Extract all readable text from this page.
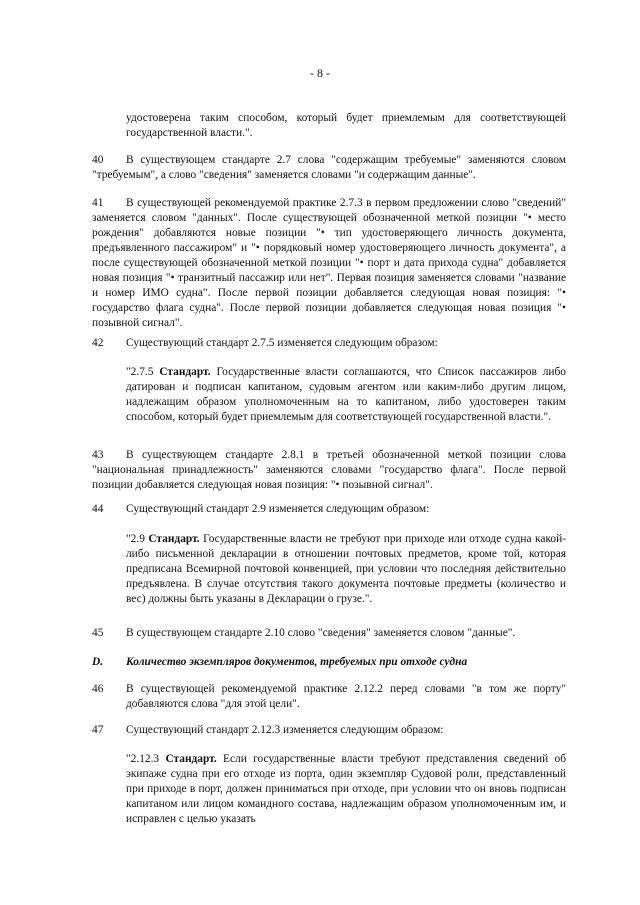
- 8 -
удостоверена таким способом, который будет приемлемым для соответствующей государственной власти.".
40	В существующем стандарте 2.7 слова "содержащим требуемые" заменяются словом "требуемым", а слово "сведения" заменяется словами "и содержащим данные".
41	В существующей рекомендуемой практике 2.7.3 в первом предложении слово "сведений" заменяется словом "данных". После существующей обозначенной меткой позиции "• место рождения" добавляются новые позиции "• тип удостоверяющего личность документа, предъявленного пассажиром" и "• порядковый номер удостоверяющего личность документа", а после существующей обозначенной меткой позиции "• порт и дата прихода судна" добавляется новая позиция "• транзитный пассажир или нет". Первая позиция заменяется словами "название и номер ИМО судна". После первой позиции добавляется следующая новая позиция: "• государство флага судна". После первой позиции добавляется следующая новая позиция "• позывной сигнал".
42 Существующий стандарт 2.7.5 изменяется следующим образом:
"2.7.5 Стандарт. Государственные власти соглашаются, что Список пассажиров либо датирован и подписан капитаном, судовым агентом или каким-либо другим лицом, надлежащим образом уполномоченным на то капитаном, либо удостоверен таким способом, который будет приемлемым для соответствующей государственной власти.".
43	В существующем стандарте 2.8.1 в третьей обозначенной меткой позиции слова "национальная принадлежность" заменяются словами "государство флага". После первой позиции добавляется следующая новая позиция: "• позывной сигнал".
44 Существующий стандарт 2.9 изменяется следующим образом:
"2.9 Стандарт. Государственные власти не требуют при приходе или отходе судна какой-либо письменной декларации в отношении почтовых предметов, кроме той, которая предписана Всемирной почтовой конвенцией, при условии что последняя действительно предъявлена. В случае отсутствия такого документа почтовые предметы (количество и вес) должны быть указаны в Декларации о грузе.".
45 В существующем стандарте 2.10 слово "сведения" заменяется словом "данные".
D. Количество экземпляров документов, требуемых при отходе судна
46 В существующей рекомендуемой практике 2.12.2 перед словами "в том же порту" добавляются слова "для этой цели".
47 Существующий стандарт 2.12.3 изменяется следующим образом:
"2.12.3 Стандарт. Если государственные власти требуют представления сведений об экипаже судна при его отходе из порта, один экземпляр Судовой роли, представленный при приходе в порт, должен приниматься при отходе, при условии что он вновь подписан капитаном или лицом командного состава, надлежащим образом уполномоченным им, и исправлен с целью указать
